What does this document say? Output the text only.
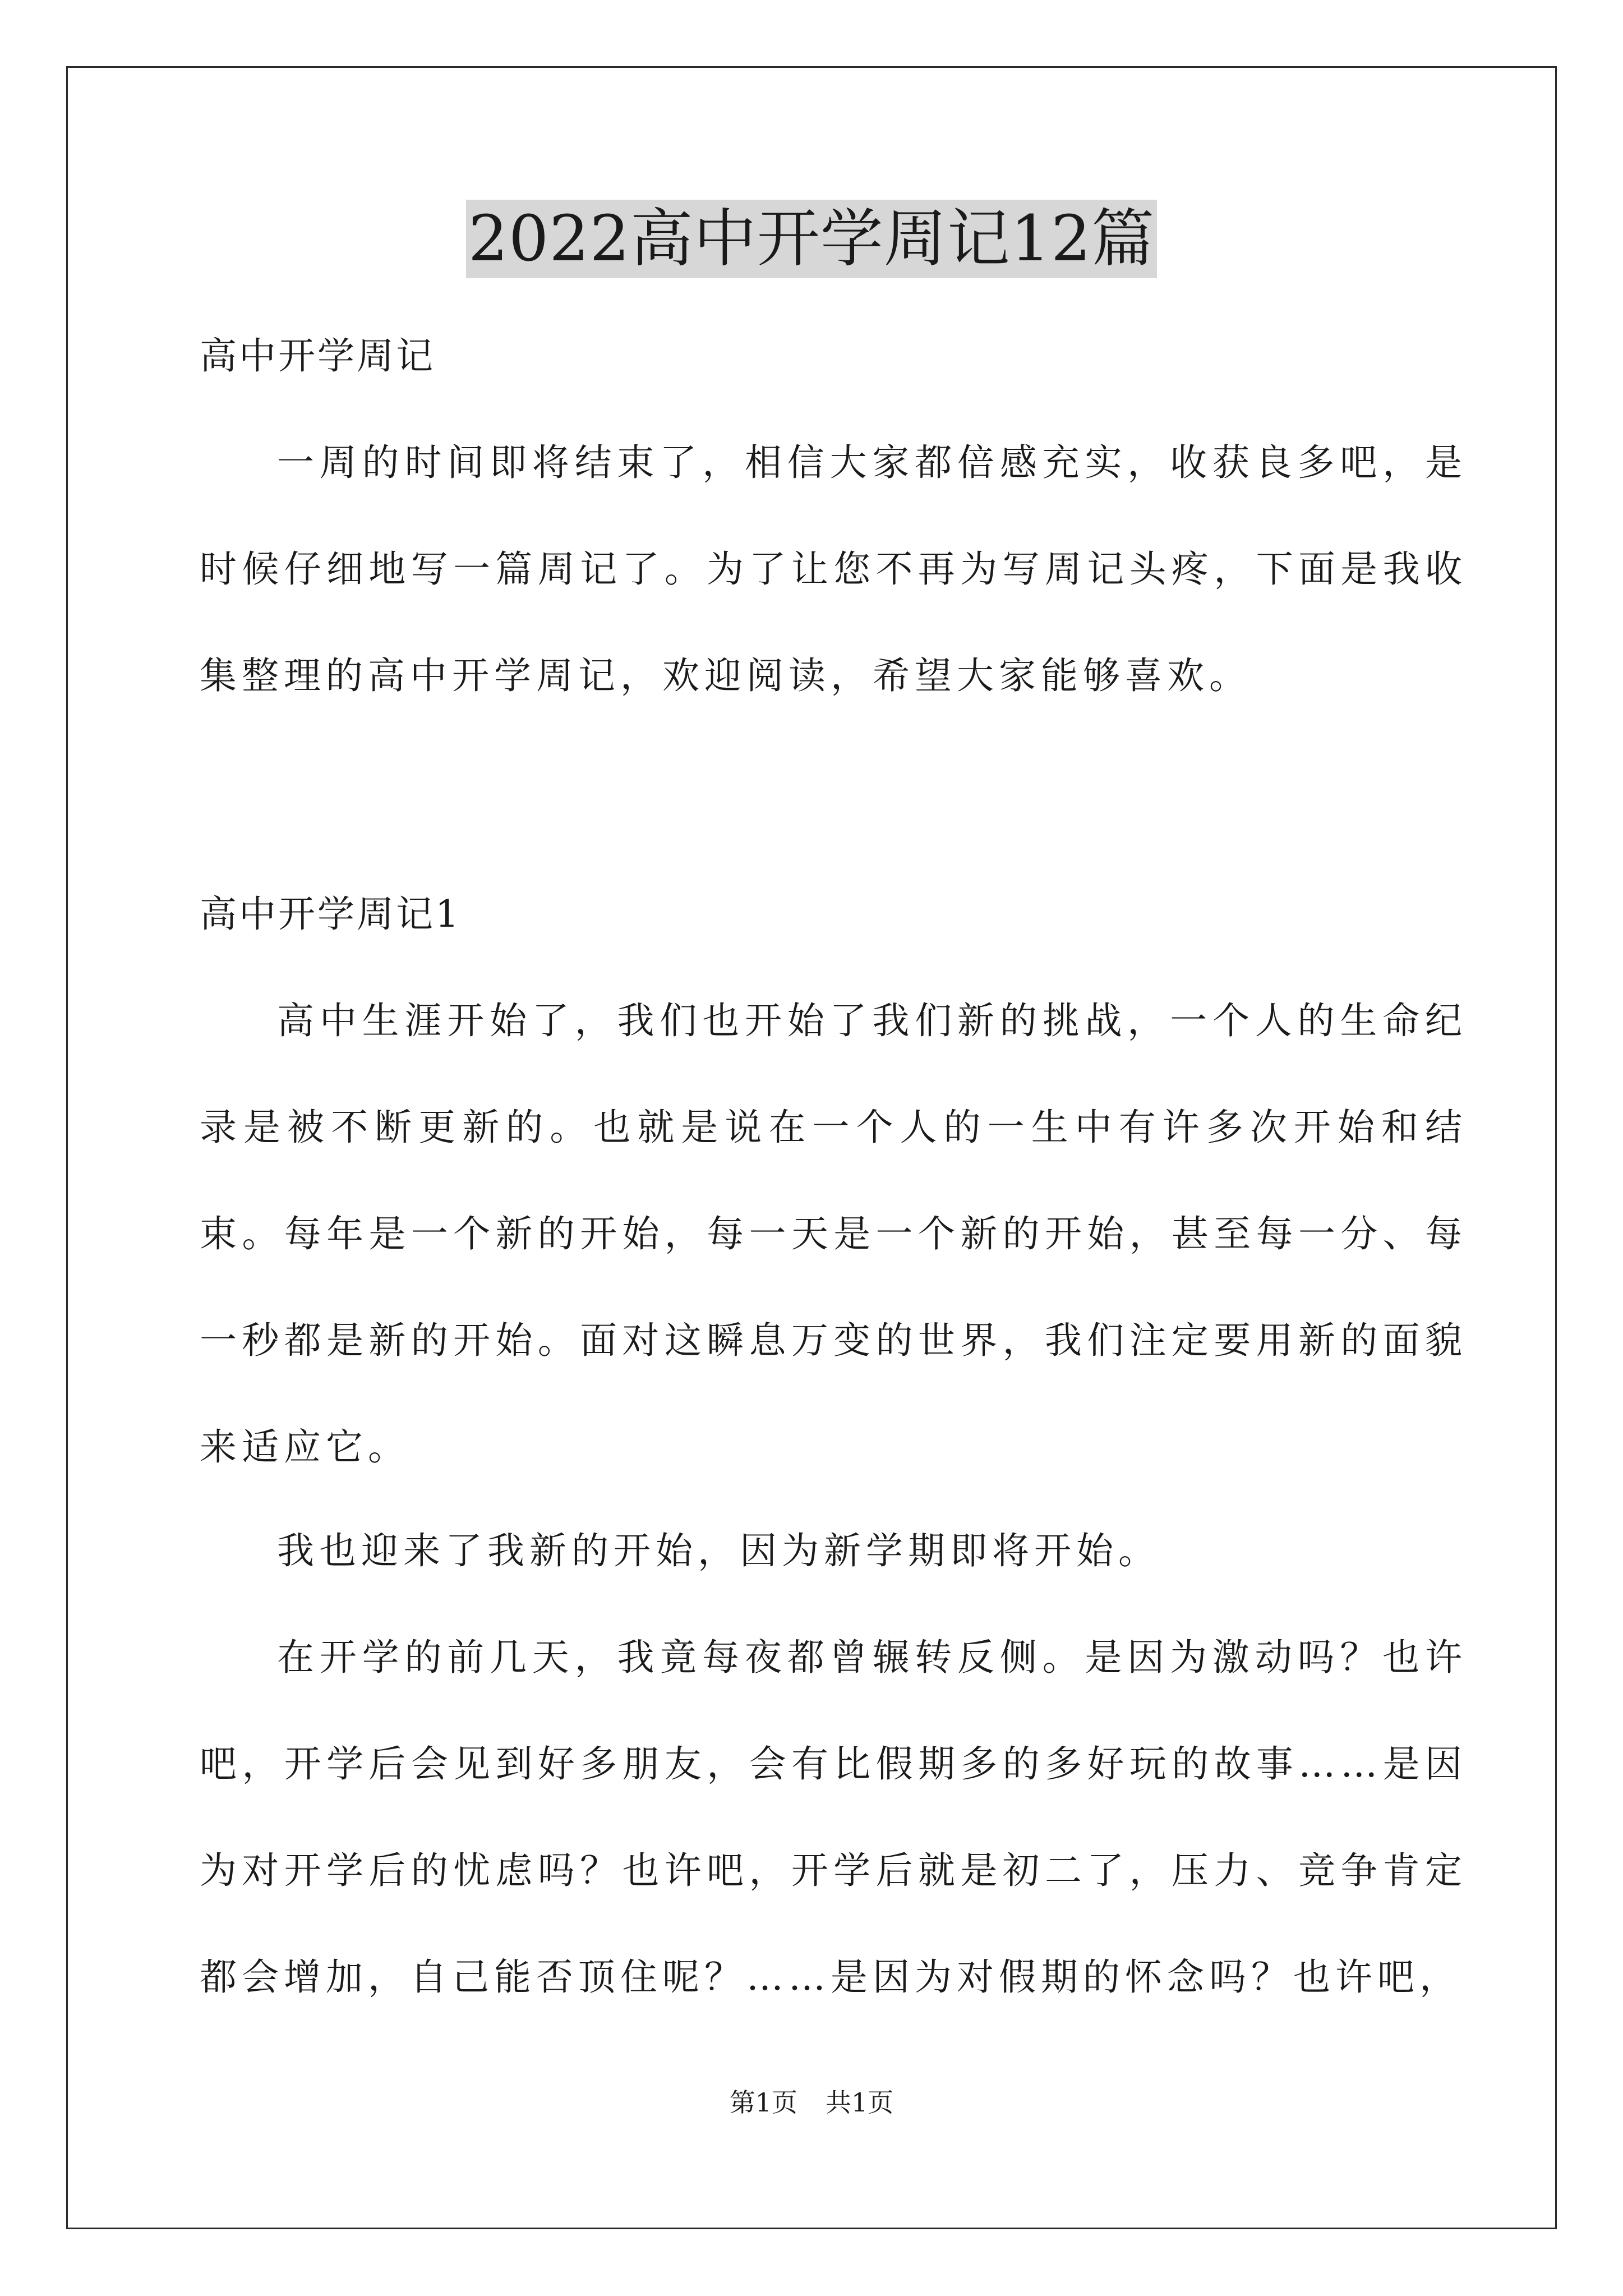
2022高中开学周记12篇

高中开学周记

一周的时间即将结束了，相信大家都倍感充实，收获良多吧，是时候仔细地写一篇周记了。为了让您不再为写周记头疼，下面是我收集整理的高中开学周记，欢迎阅读，希望大家能够喜欢。

高中开学周记1

高中生涯开始了，我们也开始了我们新的挑战，一个人的生命纪录是被不断更新的。也就是说在一个人的一生中有许多次开始和结束。每年是一个新的开始，每一天是一个新的开始，甚至每一分、每一秒都是新的开始。面对这瞬息万变的世界，我们注定要用新的面貌来适应它。

我也迎来了我新的开始，因为新学期即将开始。

在开学的前几天，我竟每夜都曾辗转反侧。是因为激动吗？也许吧，开学后会见到好多朋友，会有比假期多的多好玩的故事……是因为对开学后的忧虑吗？也许吧，开学后就是初二了，压力、竞争肯定都会增加，自己能否顶住呢？……是因为对假期的怀念吗？也许吧，

第1页 共1页
